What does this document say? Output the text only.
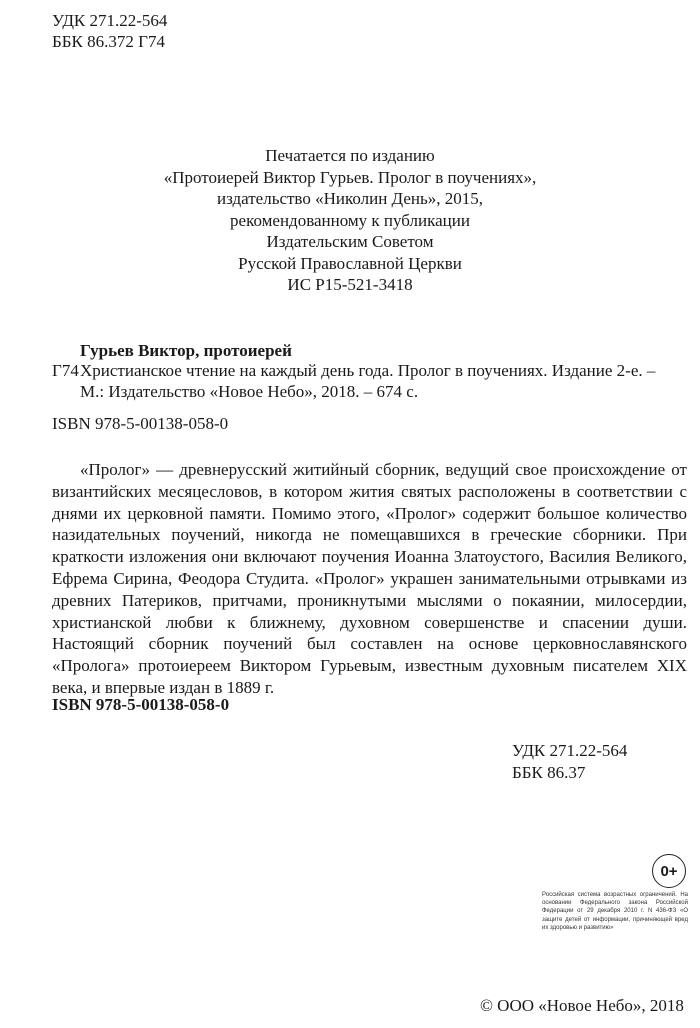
УДК 271.22-564
ББК 86.372 Г74
Печатается по изданию
«Протоиерей Виктор Гурьев. Пролог в поучениях»,
издательство «Николин День», 2015,
рекомендованному к публикации
Издательским Советом
Русской Православной Церкви
ИС Р15-521-3418
Гурьев Виктор, протоиерей
Г74 Христианское чтение на каждый день года. Пролог в поучениях. Издание 2-е. –
М.: Издательство «Новое Небо», 2018. – 674 с.
ISBN 978-5-00138-058-0

«Пролог» — древнерусский житийный сборник, ведущий свое происхождение от византийских месяцесловов, в котором жития святых расположены в соответствии с днями их церковной памяти. Помимо этого, «Пролог» содержит большое количество назидательных поучений, никогда не помещавшихся в греческие сборники. При краткости изложения они включают поучения Иоанна Златоустого, Василия Великого, Ефрема Сирина, Феодора Студита. «Пролог» украшен занимательными отрывками из древних Патериков, притчами, проникнутыми мыслями о покаянии, милосердии, христианской любви к ближнему, духовном совершенстве и спасении души. Настоящий сборник поучений был составлен на основе церковнославянского «Пролога» протоиереем Виктором Гурьевым, известным духовным писателем XIX века, и впервые издан в 1889 г.

ISBN 978-5-00138-058-0
УДК 271.22-564
ББК 86.37
0+
Российская система возрастных ограничений. На основании Федерального закона Российской Федерации от 29 декабря 2010 г. N 436-ФЗ «О защите детей от информации, причиняющей вред их здоровью и развитию»
© ООО «Новое Небо», 2018
